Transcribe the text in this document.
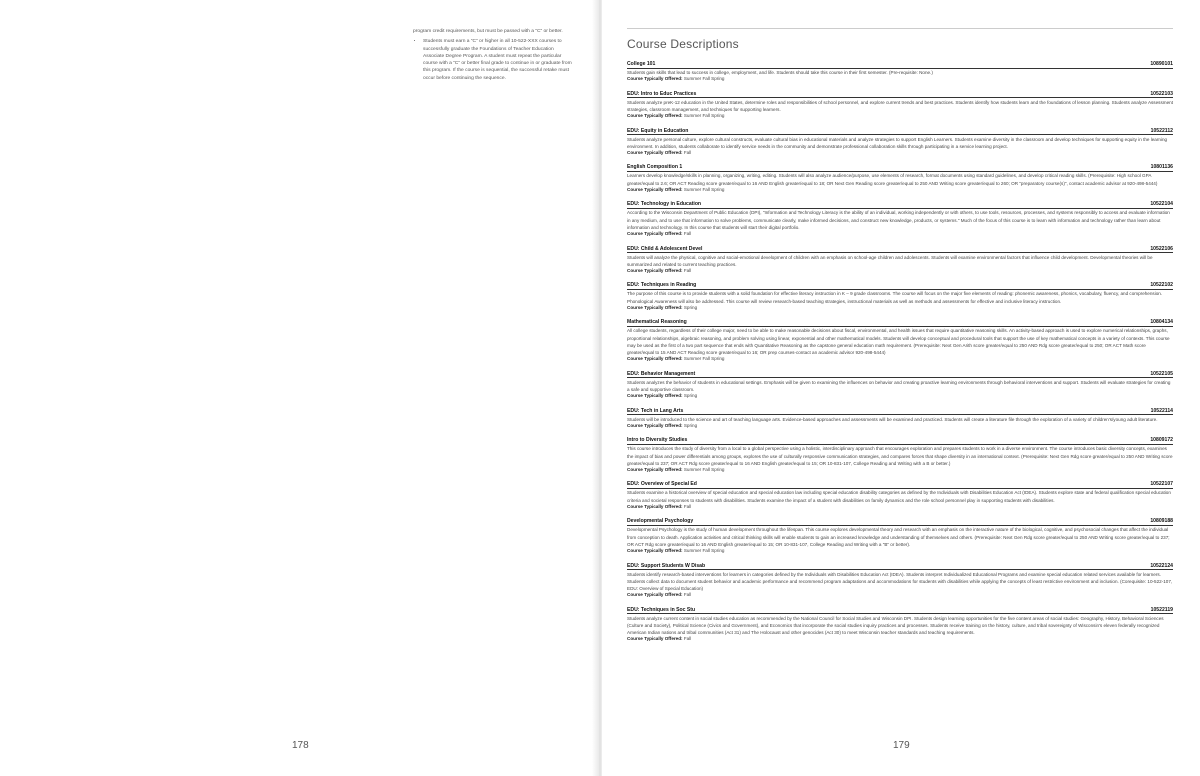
program credit requirements, but must be passed with a “C” or better.

• Students must earn a “C” or higher in all 10-522-XXX courses to successfully graduate the Foundations of Teacher Education Associate Degree Program. A student must repeat the particular course with a “C” or better final grade to continue in or graduate from this program. If the course is sequential, the successful retake must occur before continuing the sequence.
178
Course Descriptions
College 101	10890101
Students gain skills that lead to success in college, employment, and life. Students should take this course in their first semester. (Pre-requisite: None.)
Course Typically Offered: Summer Fall Spring
EDU: Intro to Educ Practices	10522103
Students analyze preK-12 education in the United States, determine roles and responsibilities of school personnel, and explore current trends and best practices. Students identify how students learn and the foundations of lesson planning. Students analyze Assessment strategies, classroom management, and techniques for supporting learners.
Course Typically Offered: Summer Fall Spring
EDU: Equity in Education	10522112
Students analyze personal culture, explore cultural constructs, evaluate cultural bias in educational materials and analyze strategies to support English Learners. Students examine diversity in the classroom and develop techniques for supporting equity in the learning environment. In addition, students collaborate to identify service needs in the community and demonstrate professional collaboration skills through participating in a service learning project.
Course Typically Offered: Fall
English Composition 1	10801136
Learners develop knowledge/skills in planning, organizing, writing, editing. Students will also analyze audience/purpose, use elements of research, format documents using standard guidelines, and develop critical reading skills. (Prerequisite: High school GPA greater/equal to 2.6; OR ACT Reading score greater/equal to 16 AND English greater/equal to 18; OR Next Gen Reading score greater/equal to 250 AND Writing score greater/equal to 260; OR "preparatory course(s)", contact academic advisor at 920-498-5444)
Course Typically Offered: Summer Fall Spring
EDU: Technology in Education	10522104
According to the Wisconsin Department of Public Education (DPI), "Information and Technology Literacy is the ability of an individual, working independently or with others, to use tools, resources, processes, and systems responsibly to access and evaluate information in any medium, and to use that information to solve problems, communicate clearly, make informed decisions, and construct new knowledge, products, or systems." Much of the focus of this course is to learn with information and technology rather than learn about information and technology. In this course that students will start their digital portfolio.
Course Typically Offered: Fall
EDU: Child & Adolescent Devel	10522106
Students will analyze the physical, cognitive and social-emotional development of children with an emphasis on school-age children and adolescents. Students will examine environmental factors that influence child development. Developmental theories will be summarized and related to current teaching practices.
Course Typically Offered: Fall
EDU: Techniques in Reading	10522102
The purpose of this course is to provide students with a solid foundation for effective literacy instruction in K – 9 grade classrooms. The course will focus on the major five elements of reading: phonemic awareness, phonics, vocabulary, fluency, and comprehension. Phonological Awareness will also be addressed. This course will review research-based teaching strategies, instructional materials as well as methods and assessments for effective and inclusive literacy instruction.
Course Typically Offered: Spring
Mathematical Reasoning	10804134
All college students, regardless of their college major, need to be able to make reasonable decisions about fiscal, environmental, and health issues that require quantitative reasoning skills. An activity-based approach is used to explore numerical relationships, graphs, proportional relationships, algebraic reasoning, and problem solving using linear, exponential and other mathematical models. Students will develop conceptual and procedural tools that support the use of key mathematical concepts in a variety of contexts. This course may be used as the first of a two part sequence that ends with Quantitative Reasoning as the capstone general education math requirement. (Prerequisite: Next Gen Arith score greater/equal to 250 AND Rdg score greater/equal to 250; OR ACT Math score greater/equal to 15 AND ACT Reading score greater/equal to 16; OR prep courses-contact an academic advisor 920-498-5444)
Course Typically Offered: Summer Fall Spring
EDU: Behavior Management	10522105
Students analyzes the behavior of students in educational settings. Emphasis will be given to examining the influences on behavior and creating proactive learning environments through behavioral interventions and support. Students will evaluate strategies for creating a safe and supportive classroom.
Course Typically Offered: Spring
EDU: Tech in Lang Arts	10522114
Students will be introduced to the science and art of teaching language arts. Evidence-based approaches and assessments will be examined and practiced. Students will create a literature file through the exploration of a variety of children's/young adult literature.
Course Typically Offered: Spring
Intro to Diversity Studies	10809172
This course introduces the study of diversity from a local to a global perspective using a holistic, interdisciplinary approach that encourages exploration and prepares students to work in a diverse environment. The course introduces basic diversity concepts, examines the impact of bias and power differentials among groups, explores the use of culturally responsive communication strategies, and compares forces that shape diversity in an international context. (Prerequisite: Next Gen Rdg score greater/equal to 250 AND Writing score greater/equal to 237; OR ACT Rdg score greater/equal to 16 AND English greater/equal to 15; OR 10-831-107, College Reading and Writing with a B or better.)
Course Typically Offered: Summer Fall Spring
EDU: Overview of Special Ed	10522107
Students examine a historical overview of special education and special education law including special education disability categories as defined by the Individuals with Disabilities Education Act (IDEA). Students explore state and federal qualification special education criteria and societal responses to students with disabilities. Students examine the impact of a student with disabilities on family dynamics and the role school personnel play in supporting students with disabilities.
Course Typically Offered: Fall
Developmental Psychology	10809188
Developmental Psychology is the study of human development throughout the lifespan. This course explores developmental theory and research with an emphasis on the interactive nature of the biological, cognitive, and psychosocial changes that affect the individual from conception to death. Application activities and critical thinking skills will enable students to gain an increased knowledge and understanding of themselves and others. (Prerequisite: Next Gen Rdg score greater/equal to 250 AND Writing score greater/equal to 237; OR ACT Rdg score greater/equal to 16 AND English greater/equal to 15; OR 10-831-107, College Reading and Writing with a "B" or better).
Course Typically Offered: Summer Fall Spring
EDU: Support Students W Disab	10522124
Students identify research-based interventions for learners in categories defined by the Individuals with Disabilities Education Act (IDEA). Students interpret Individualized Educational Programs and examine special education related services available for learners. Students collect data to document student behavior and academic performance and recommend program adaptations and accommodations for students with disabilities while applying the concepts of least restrictive environment and inclusion. (Corequisite: 10-522-107, EDU: Overview of Special Education)
Course Typically Offered: Fall
EDU: Techniques in Soc Stu	10522119
Students analyze current content in social studies education as recommended by the National Council for Social Studies and Wisconsin DPI. Students design learning opportunities for the five content areas of social studies: Geography, History, Behavioral Sciences (Culture and Society), Political Science (Civics and Government), and Economics that incorporate the social studies inquiry practices and processes. Students receive training on the history, culture, and tribal sovereignty of Wisconsin's eleven federally recognized American Indian nations and tribal communities (Act 31) and The Holocaust and other genocides (Act 30) to meet Wisconsin teacher standards and teaching requirements.
Course Typically Offered: Fall
179
